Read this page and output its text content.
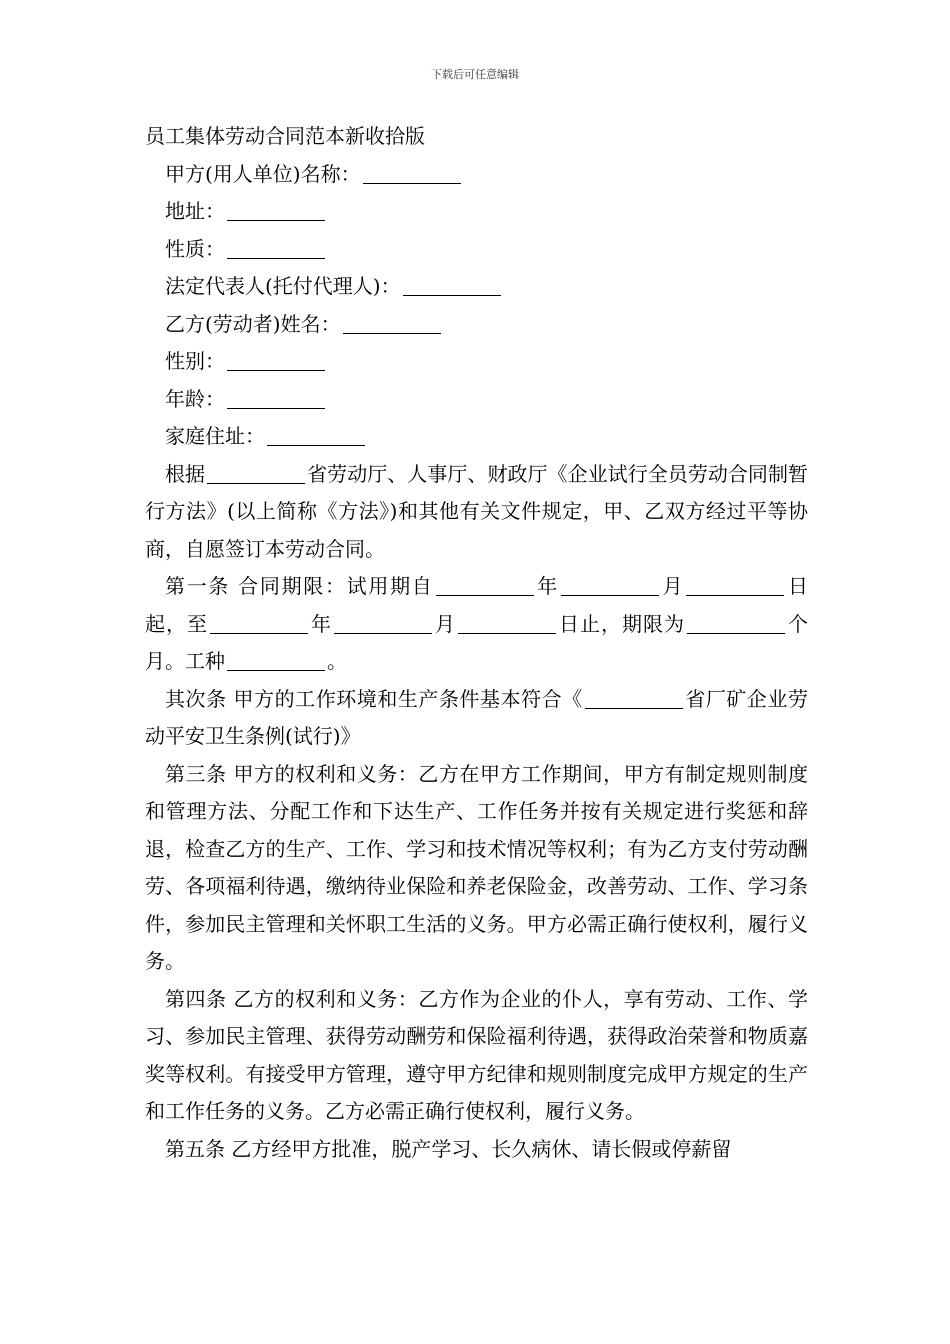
下载后可任意编辑
员工集体劳动合同范本新收拾版
甲方(用人单位)名称：
地址：
性质：
法定代表人(托付代理人)：
乙方(劳动者)姓名：
性别：
年龄：
家庭住址：

根据	省劳动厅、人事厅、财政厅《企业试行全员劳动合同制暂行方法》(以上简称《方法》)和其他有关文件规定，甲、乙双方经过平等协商，自愿签订本劳动合同。

第一条 合同期限：试用期自	年	月	日起，至	年	月	日止，期限为	个月。工种	。

其次条 甲方的工作环境和生产条件基本符合《	省厂矿企业劳动平安卫生条例(试行)》

第三条 甲方的权利和义务：乙方在甲方工作期间，甲方有制定规则制度和管理方法、分配工作和下达生产、工作任务并按有关规定进行奖惩和辞退，检查乙方的生产、工作、学习和技术情况等权利；有为乙方支付劳动酬劳、各项福利待遇，缴纳待业保险和养老保险金，改善劳动、工作、学习条件，参加民主管理和关怀职工生活的义务。甲方必需正确行使权利，履行义务。

第四条 乙方的权利和义务：乙方作为企业的仆人，享有劳动、工作、学习、参加民主管理、获得劳动酬劳和保险福利待遇，获得政治荣誉和物质嘉奖等权利。有接受甲方管理，遵守甲方纪律和规则制度完成甲方规定的生产和工作任务的义务。乙方必需正确行使权利，履行义务。

第五条 乙方经甲方批准，脱产学习、长久病休、请长假或停薪留
